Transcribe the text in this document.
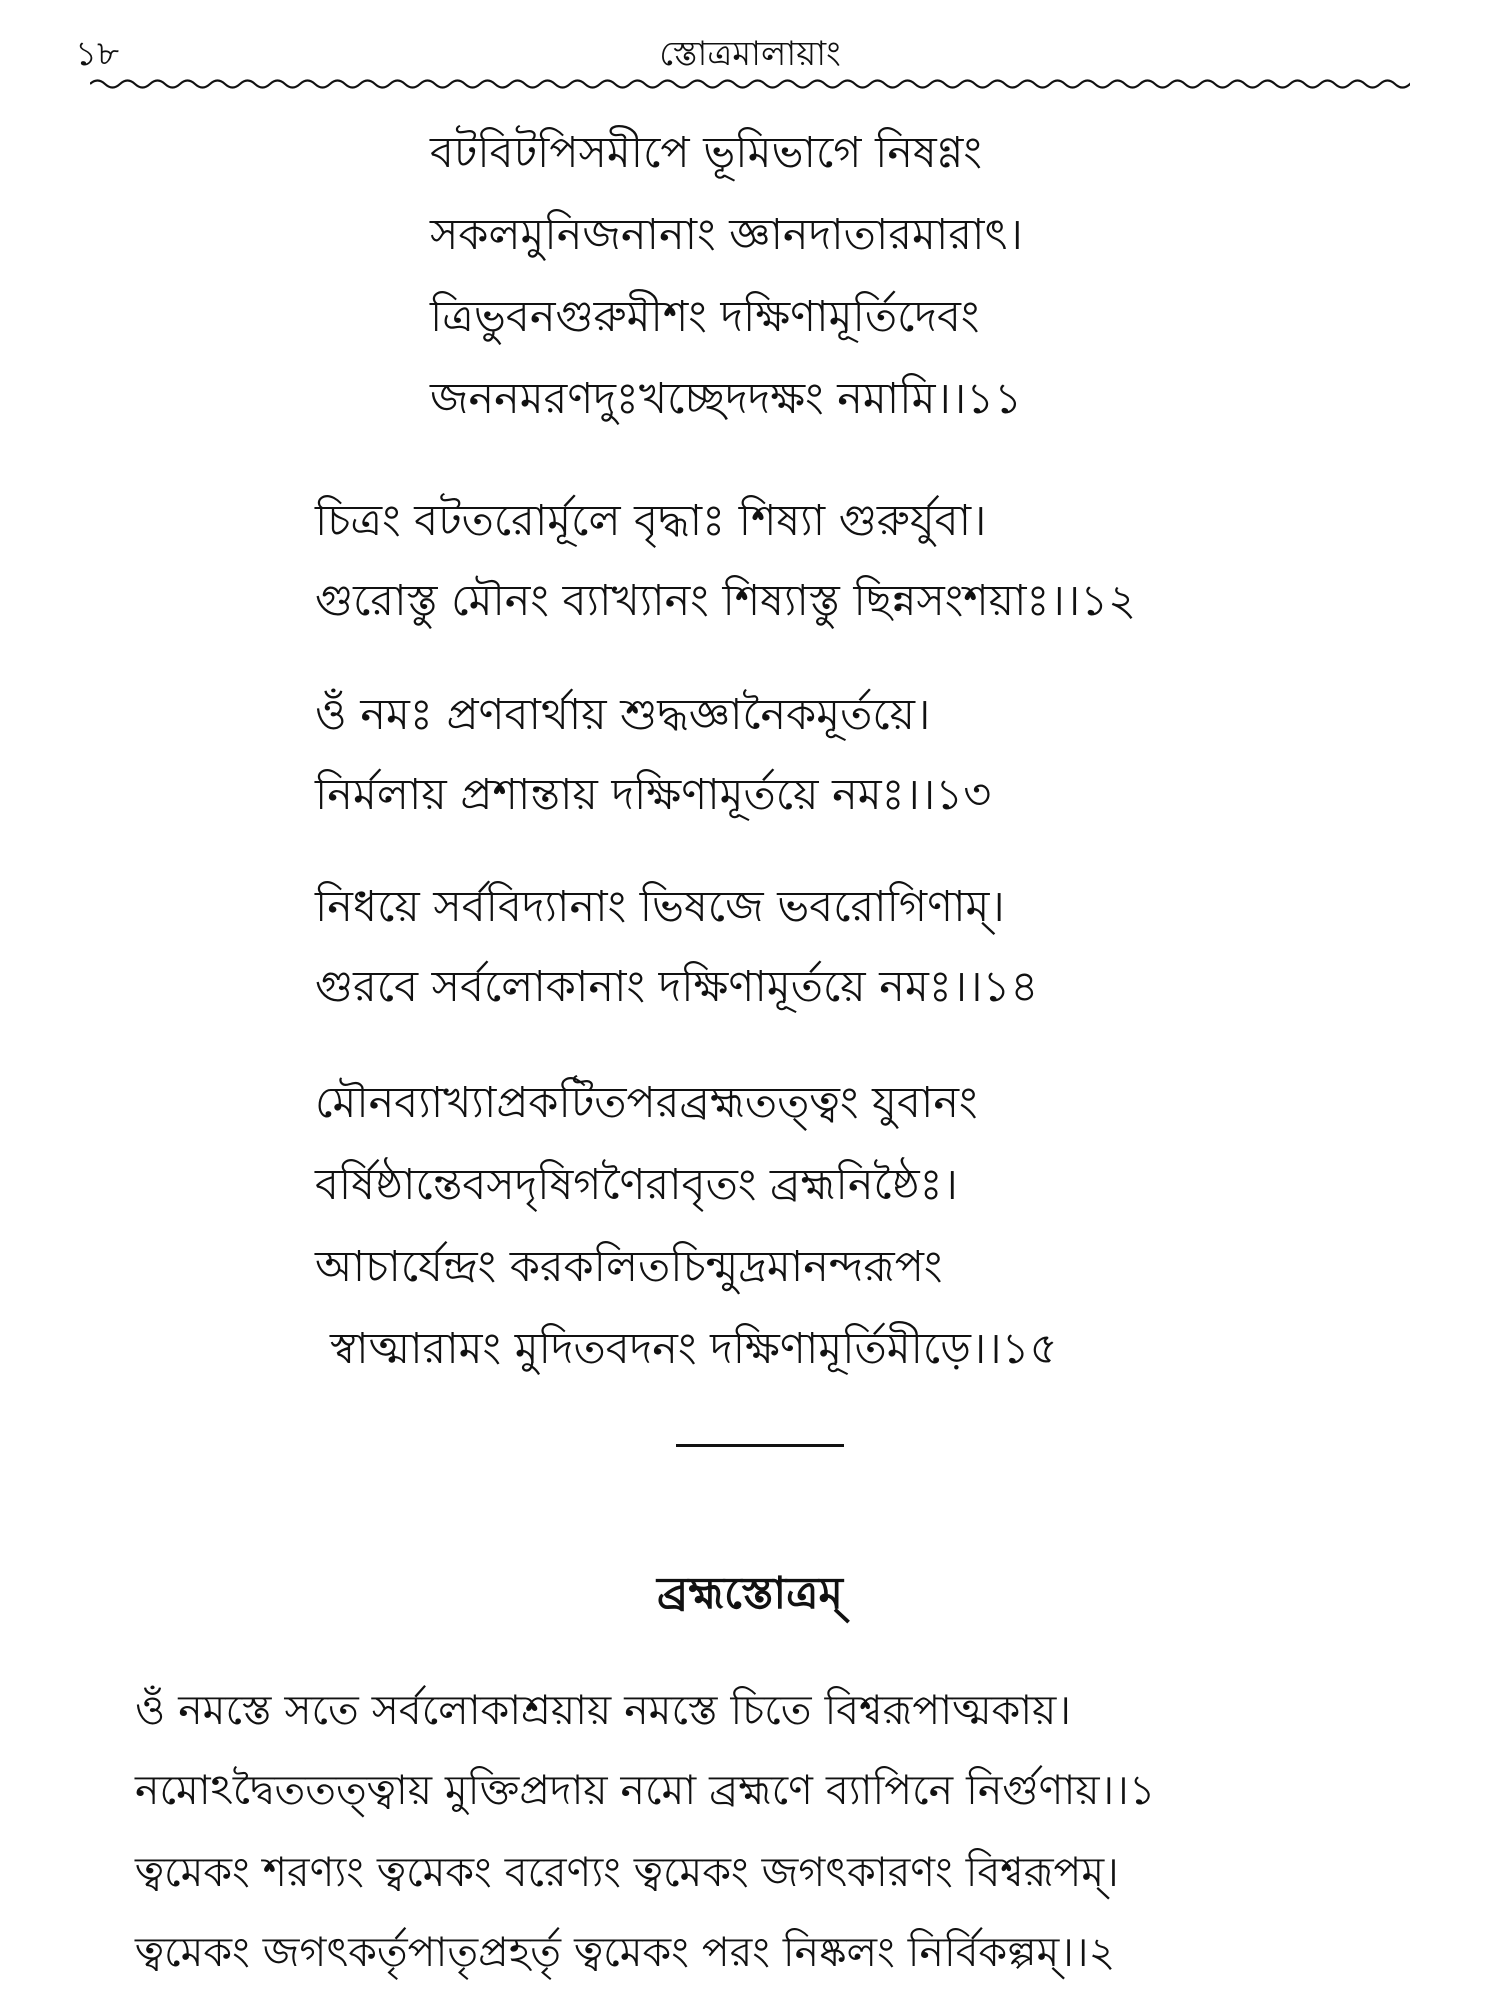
১৮	স্তোত্রমালায়াং
বটবিটপিসমীপে ভূমিভাগে নিষণ্ণং
সকলমুনিজনানাং জ্ঞানদাতারমারাৎ।
ত্রিভুবনগুরুমীশং দক্ষিণামূর্তিদেবং
জননমরণদুঃখচ্ছেদদক্ষং নমামি।।১১
চিত্রং বটতরোর্মূলে বৃদ্ধাঃ শিষ্যা গুরুর্যুবা।
গুরোস্তু মৌনং ব্যাখ্যানং শিষ্যাস্তু ছিন্নসংশয়াঃ।।১২
ওঁ নমঃ প্রণবার্থায় শুদ্ধজ্ঞানৈকমূর্তয়ে।
নির্মলায় প্রশান্তায় দক্ষিণামূর্তয়ে নমঃ।।১৩
নিধয়ে সর্ববিদ্যানাং ভিষজে ভবরোগিণাম্।
গুরবে সর্বলোকানাং দক্ষিণামূর্তয়ে নমঃ।।১৪
মৌনব্যাখ্যাপ্রকটিতপরব্রহ্মতত্ত্বং যুবানং
বর্ষিষ্ঠান্তেবসদৃষিগণৈরাবৃতং ব্রহ্মনিষ্ঠৈঃ।
আচার্যেন্দ্রং করকলিতচিন্মুদ্রমানন্দরূপং
স্বাত্মারামং মুদিতবদনং দক্ষিণামূর্তিমীড়ে।।১৫
ব্রহ্মস্তোত্রম্
ওঁ নমস্তে সতে সর্বলোকাশ্রয়ায় নমস্তে চিতে বিশ্বরূপাত্মকায়।
নমোঽদ্বৈততত্ত্বায় মুক্তিপ্রদায় নমো ব্রহ্মণে ব্যাপিনে নির্গুণায়।।১
ত্বমেকং শরণ্যং ত্বমেকং বরেণ্যং ত্বমেকং জগৎকারণং বিশ্বরূপম্।
ত্বমেকং জগৎকর্তৃপাতৃপ্রহর্তৃ ত্বমেকং পরং নিষ্কলং নির্বিকল্পম্।।২
